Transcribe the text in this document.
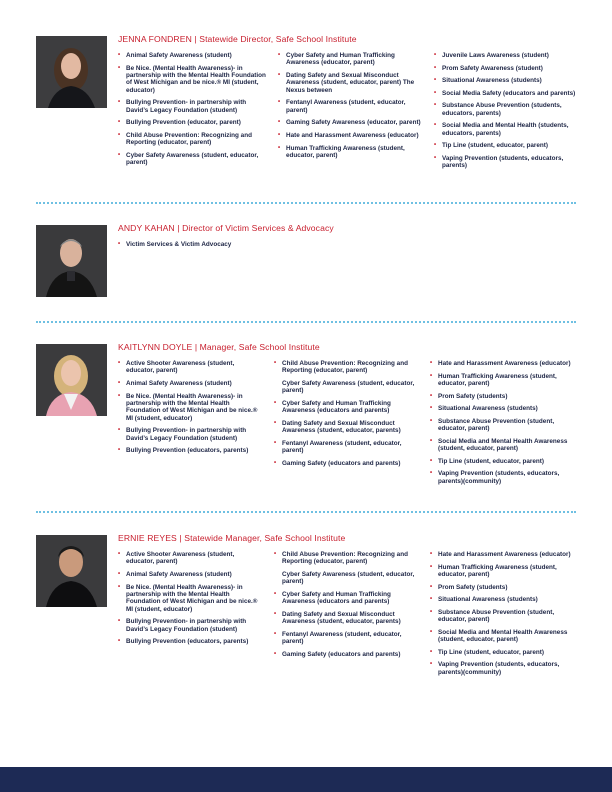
JENNA FONDREN | Statewide Director, Safe School Institute
• Animal Safety Awareness (student)
• Be Nice. (Mental Health Awareness)- in partnership with the Mental Health Foundation of West Michigan and be nice.® MI (student, educator)
• Bullying Prevention- in partnership with David’s Legacy Foundation (student)
• Bullying Prevention (educator, parent)
• Child Abuse Prevention: Recognizing and Reporting (educator, parent)
• Cyber Safety Awareness (student, educator, parent)
• Cyber Safety and Human Trafficking Awareness (educator, parent)
• Dating Safety and Sexual Misconduct Awareness (student, educator, parent) The Nexus between
• Fentanyl Awareness (student, educator, parent)
• Gaming Safety Awareness (educator, parent)
• Hate and Harassment Awareness (educator)
• Human Trafficking Awareness (student, educator, parent)
• Juvenile Laws Awareness (student)
• Prom Safety Awareness (student)
• Situational Awareness (students)
• Social Media Safety (educators and parents)
• Substance Abuse Prevention (students, educators, parents)
• Social Media and Mental Health (students, educators, parents)
• Tip Line (student, educator, parent)
• Vaping Prevention (students, educators, parents)
ANDY KAHAN | Director of Victim Services & Advocacy
• Victim Services & Victim Advocacy
KAITLYNN DOYLE | Manager, Safe School Institute
• Active Shooter Awareness (student, educator, parent)
• Animal Safety Awareness (student)
• Be Nice. (Mental Health Awareness)- in partnership with the Mental Health Foundation of West Michigan and be nice.® MI (student, educator)
• Bullying Prevention- in partnership with David’s Legacy Foundation (student)
• Bullying Prevention (educators, parents)
• Child Abuse Prevention: Recognizing and Reporting (educator, parent)
Cyber Safety Awareness (student, educator, parent)
• Cyber Safety and Human Trafficking Awareness (educators and parents)
• Dating Safety and Sexual Misconduct Awareness (student, educator, parents)
• Fentanyl Awareness (student, educator, parent)
• Gaming Safety (educators and parents)
• Hate and Harassment Awareness (educator)
• Human Trafficking Awareness (student, educator, parent)
• Prom Safety (students)
• Situational Awareness (students)
• Substance Abuse Prevention (student, educator, parent)
• Social Media and Mental Health Awareness (student, educator, parent)
• Tip Line (student, educator, parent)
• Vaping Prevention (students, educators, parents)(community)
ERNIE REYES | Statewide Manager, Safe School Institute
• Active Shooter Awareness (student, educator, parent)
• Animal Safety Awareness (student)
• Be Nice. (Mental Health Awareness)- in partnership with the Mental Health Foundation of West Michigan and be nice.® MI (student, educator)
• Bullying Prevention- in partnership with David’s Legacy Foundation (student)
• Bullying Prevention (educators, parents)
• Child Abuse Prevention: Recognizing and Reporting (educator, parent)
Cyber Safety Awareness (student, educator, parent)
• Cyber Safety and Human Trafficking Awareness (educators and parents)
• Dating Safety and Sexual Misconduct Awareness (student, educator, parents)
• Fentanyl Awareness (student, educator, parent)
• Gaming Safety (educators and parents)
• Hate and Harassment Awareness (educator)
• Human Trafficking Awareness (student, educator, parent)
• Prom Safety (students)
• Situational Awareness (students)
• Substance Abuse Prevention (student, educator, parent)
• Social Media and Mental Health Awareness (student, educator, parent)
• Tip Line (student, educator, parent)
• Vaping Prevention (students, educators, parents)(community)
